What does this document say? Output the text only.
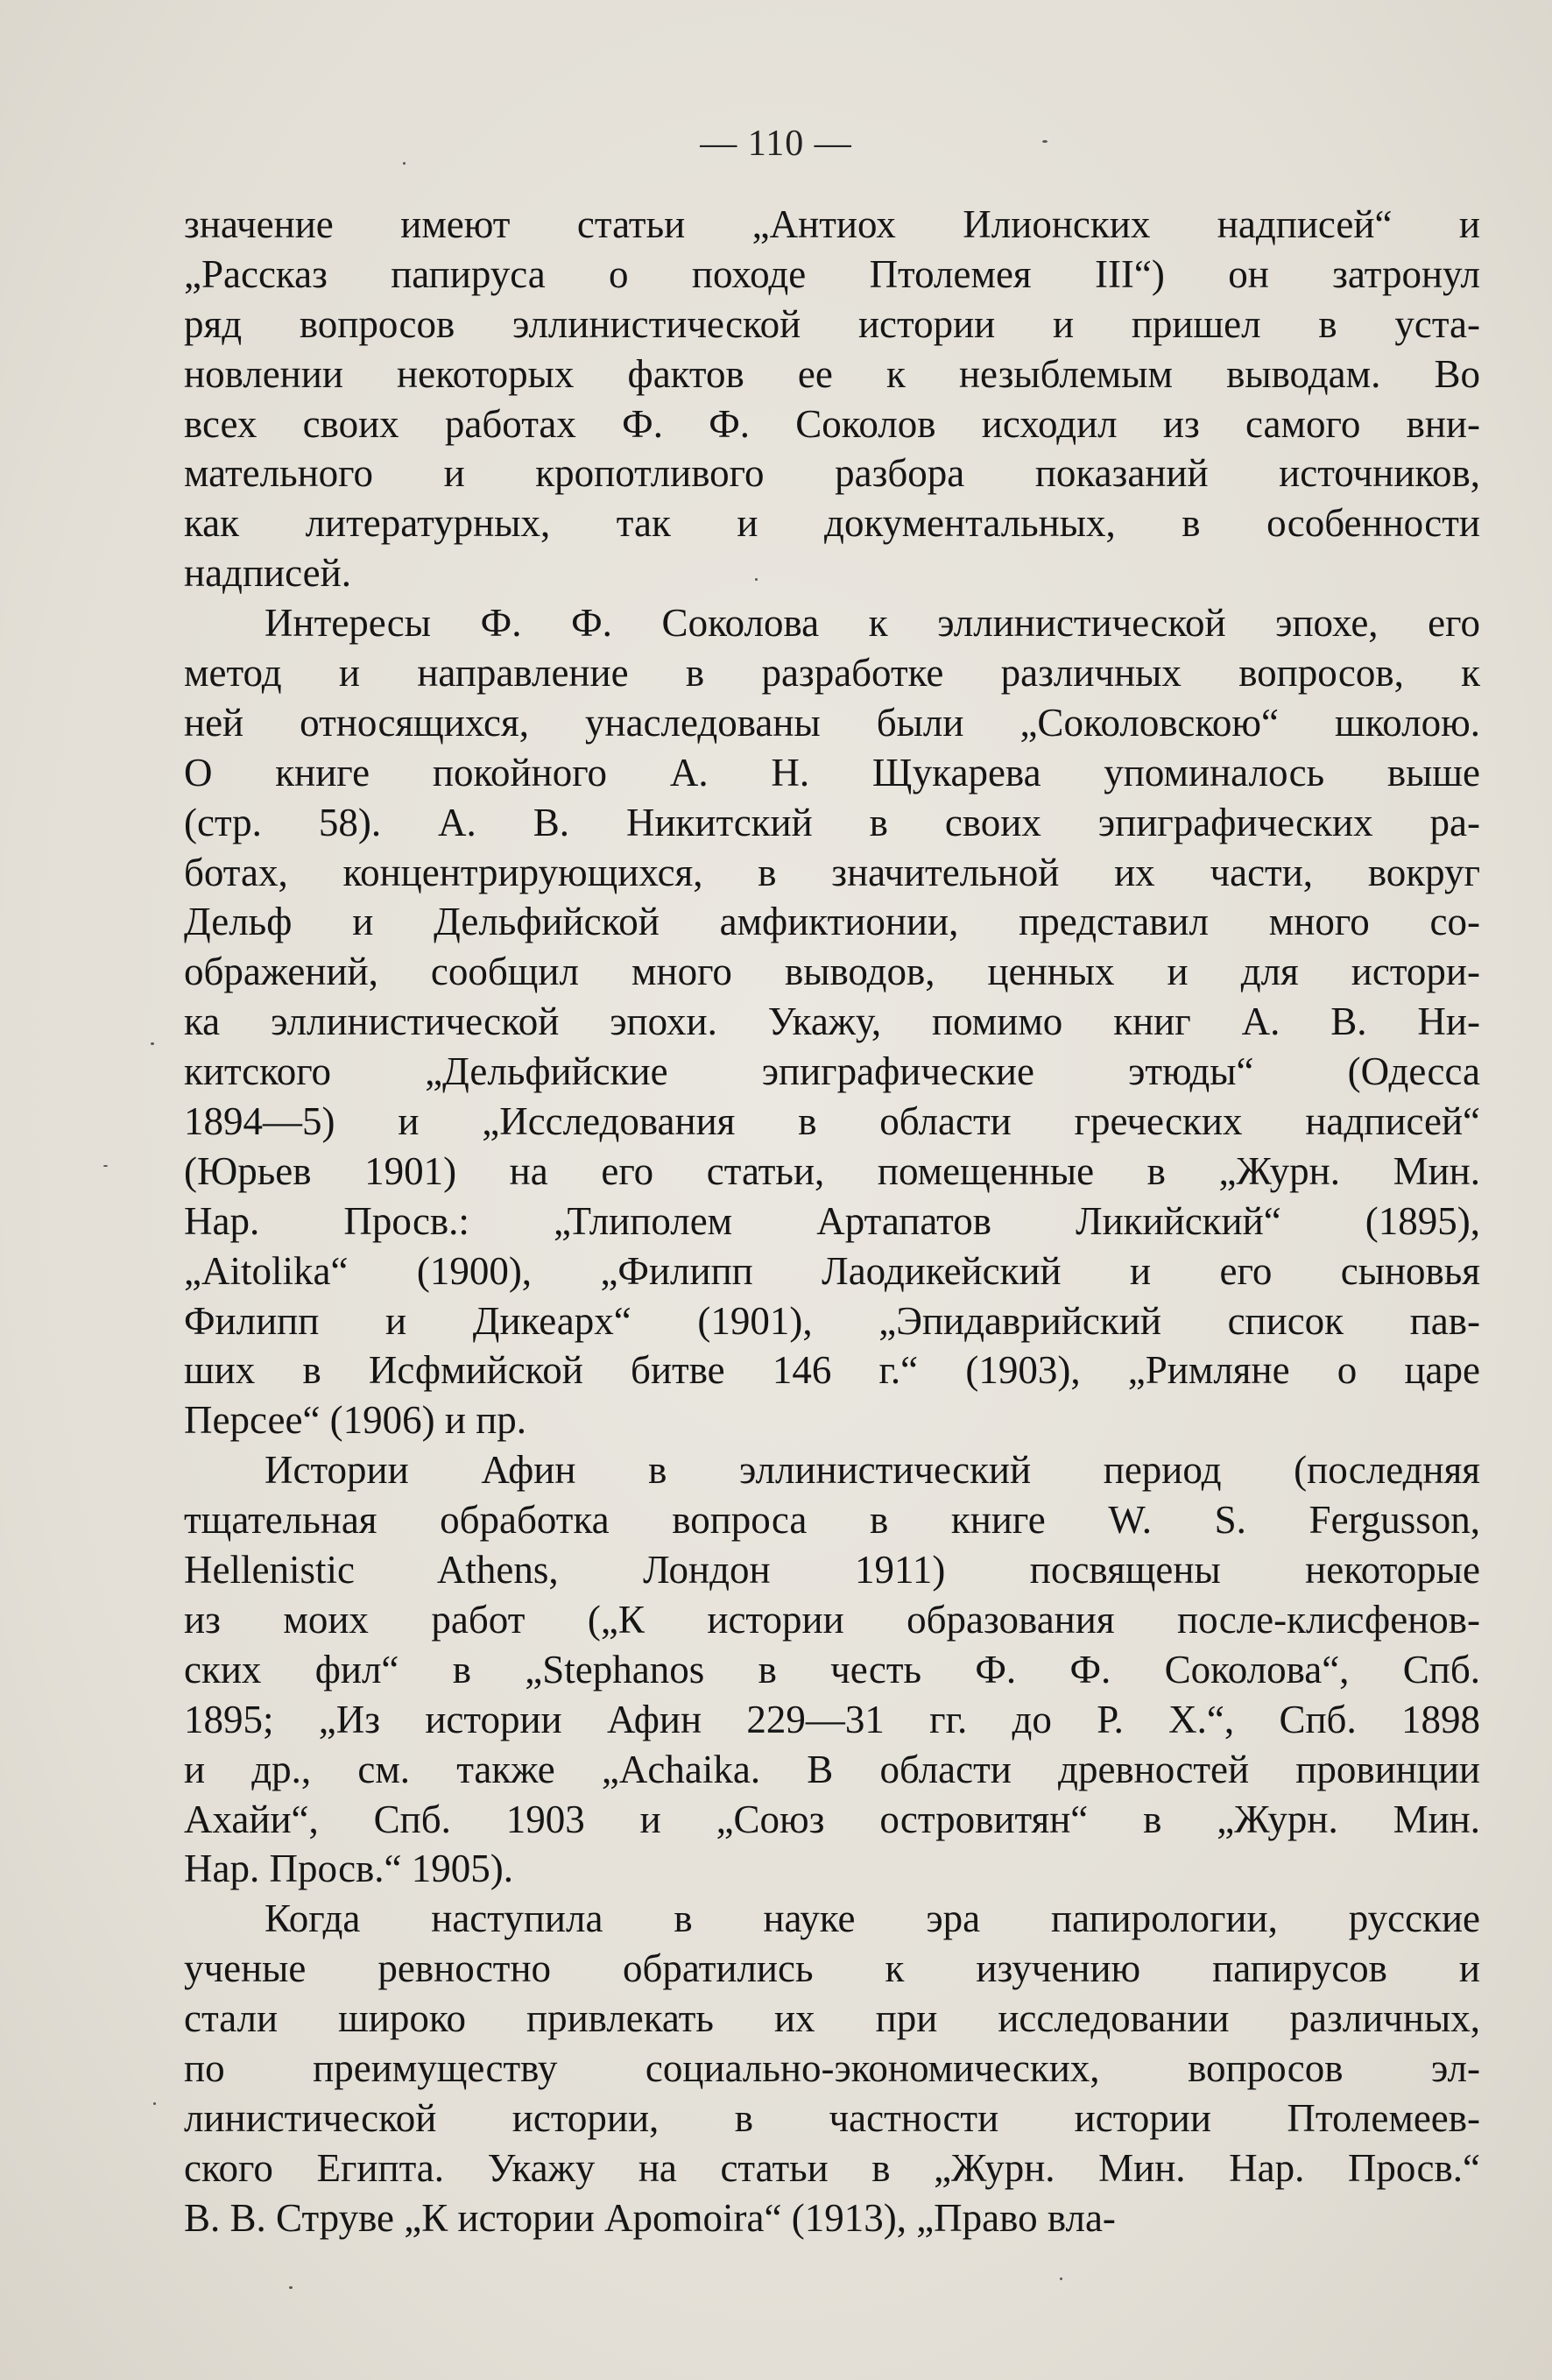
— 110 —
значение имеют статьи „Антиох Илионских надписей“ и
„Рассказ папируса о походе Птолемея III“) он затронул
ряд вопросов эллинистической истории и пришел в уста-
новлении некоторых фактов ее к незыблемым выводам. Во
всех своих работах Ф. Ф. Соколов исходил из самого вни-
мательного и кропотливого разбора показаний источников,
как литературных, так и документальных, в особенности
надписей.
Интересы Ф. Ф. Соколова к эллинистической эпохе, его
метод и направление в разработке различных вопросов, к
ней относящихся, унаследованы были „Соколовскою“ школою.
О книге покойного А. Н. Щукарева упоминалось выше
(стр. 58). А. В. Никитский в своих эпиграфических ра-
ботах, концентрирующихся, в значительной их части, вокруг
Дельф и Дельфийской амфиктионии, представил много со-
ображений, сообщил много выводов, ценных и для истори-
ка эллинистической эпохи. Укажу, помимо книг А. В. Ни-
китского „Дельфийские эпиграфические этюды“ (Одесса
1894—5) и „Исследования в области греческих надписей“
(Юрьев 1901) на его статьи, помещенные в „Журн. Мин.
Нар. Просв.: „Тлиполем Артапатов Ликийский“ (1895),
„Aitolika“ (1900), „Филипп Лаодикейский и его сыновья
Филипп и Дикеарх“ (1901), „Эпидаврийский список пав-
ших в Исфмийской битве 146 г.“ (1903), „Римляне о царе
Персее“ (1906) и пр.
Истории Афин в эллинистический период (последняя
тщательная обработка вопроса в книге W. S. Fergusson,
Hellenistic Athens, Лондон 1911) посвящены некоторые
из моих работ („К истории образования после-клисфенов-
ских фил“ в „Stephanos в честь Ф. Ф. Соколова“, Спб.
1895; „Из истории Афин 229—31 гг. до Р. Х.“, Спб. 1898
и др., см. также „Achaika. В области древностей провинции
Ахайи“, Спб. 1903 и „Союз островитян“ в „Журн. Мин.
Нар. Просв.“ 1905).
Когда наступила в науке эра папирологии, русские
ученые ревностно обратились к изучению папирусов и
стали широко привлекать их при исследовании различных,
по преимуществу социально-экономических, вопросов эл-
линистической истории, в частности истории Птолемеев-
ского Египта. Укажу на статьи в „Журн. Мин. Нар. Просв.“
В. В. Струве „К истории Apomoira“ (1913), „Право вла-
